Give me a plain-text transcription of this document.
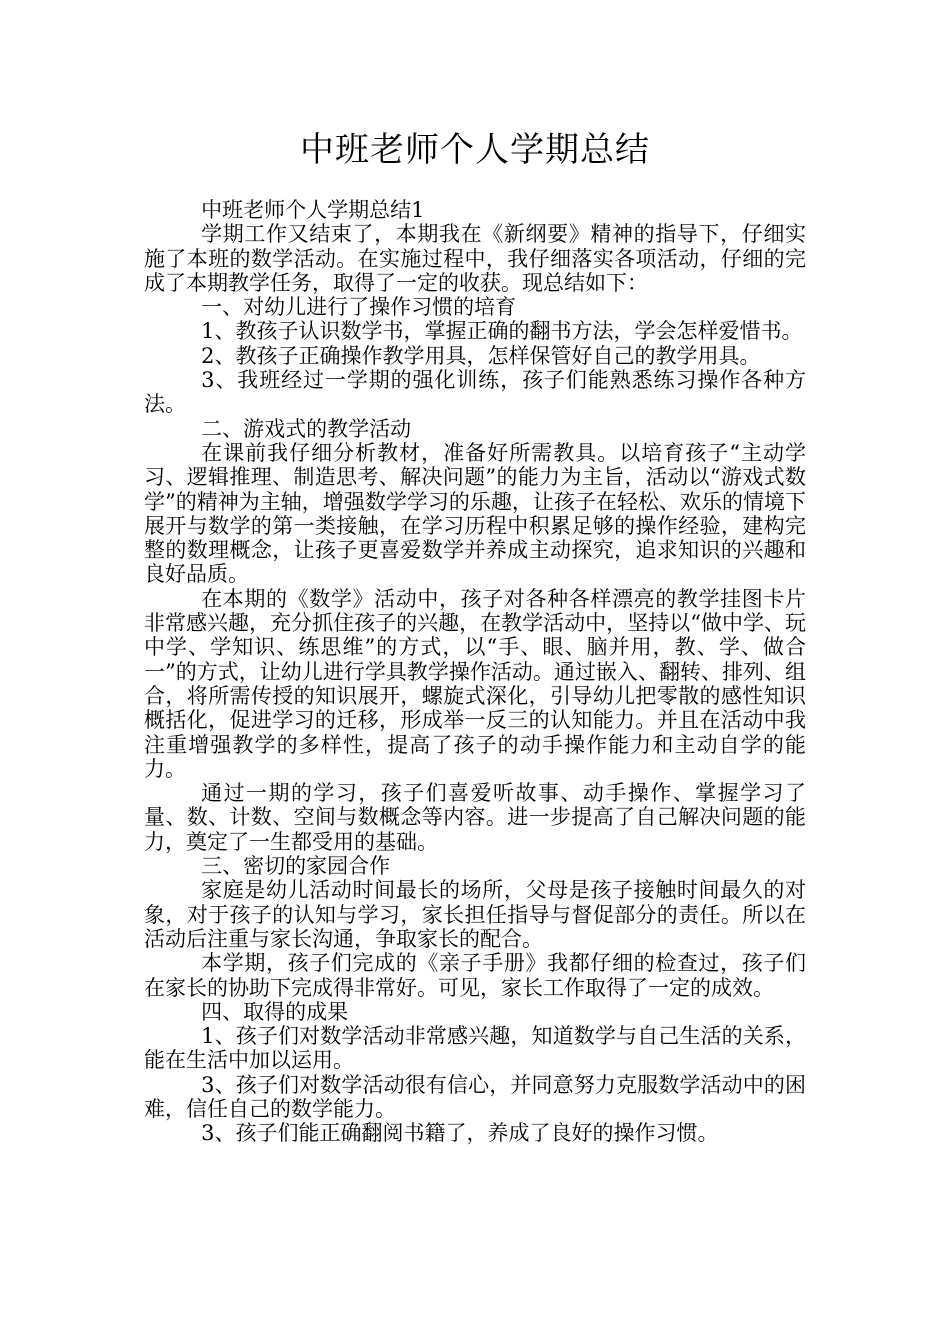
中班老师个人学期总结

中班老师个人学期总结1

学期工作又结束了，本期我在《新纲要》精神的指导下，仔细实施了本班的数学活动。在实施过程中，我仔细落实各项活动，仔细的完成了本期教学任务，取得了一定的收获。现总结如下：

一、对幼儿进行了操作习惯的培育

1、教孩子认识数学书，掌握正确的翻书方法，学会怎样爱惜书。

2、教孩子正确操作教学用具，怎样保管好自己的教学用具。

3、我班经过一学期的强化训练，孩子们能熟悉练习操作各种方法。

二、游戏式的教学活动

在课前我仔细分析教材，准备好所需教具。以培育孩子“主动学习、逻辑推理、制造思考、解决问题”的能力为主旨，活动以“游戏式数学”的精神为主轴，增强数学学习的乐趣，让孩子在轻松、欢乐的情境下展开与数学的第一类接触，在学习历程中积累足够的操作经验，建构完整的数理概念，让孩子更喜爱数学并养成主动探究，追求知识的兴趣和良好品质。

在本期的《数学》活动中，孩子对各种各样漂亮的教学挂图卡片非常感兴趣，充分抓住孩子的兴趣，在教学活动中，坚持以“做中学、玩中学、学知识、练思维”的方式，以“手、眼、脑并用，教、学、做合一”的方式，让幼儿进行学具教学操作活动。通过嵌入、翻转、排列、组合，将所需传授的知识展开，螺旋式深化，引导幼儿把零散的感性知识概括化，促进学习的迁移，形成举一反三的认知能力。并且在活动中我注重增强教学的多样性，提高了孩子的动手操作能力和主动自学的能力。

通过一期的学习，孩子们喜爱听故事、动手操作、掌握学习了量、数、计数、空间与数概念等内容。进一步提高了自己解决问题的能力，奠定了一生都受用的基础。

三、密切的家园合作

家庭是幼儿活动时间最长的场所，父母是孩子接触时间最久的对象，对于孩子的认知与学习，家长担任指导与督促部分的责任。所以在活动后注重与家长沟通，争取家长的配合。

本学期，孩子们完成的《亲子手册》我都仔细的检查过，孩子们在家长的协助下完成得非常好。可见，家长工作取得了一定的成效。

四、取得的成果

1、孩子们对数学活动非常感兴趣，知道数学与自己生活的关系，能在生活中加以运用。

3、孩子们对数学活动很有信心，并同意努力克服数学活动中的困难，信任自己的数学能力。

3、孩子们能正确翻阅书籍了，养成了良好的操作习惯。
